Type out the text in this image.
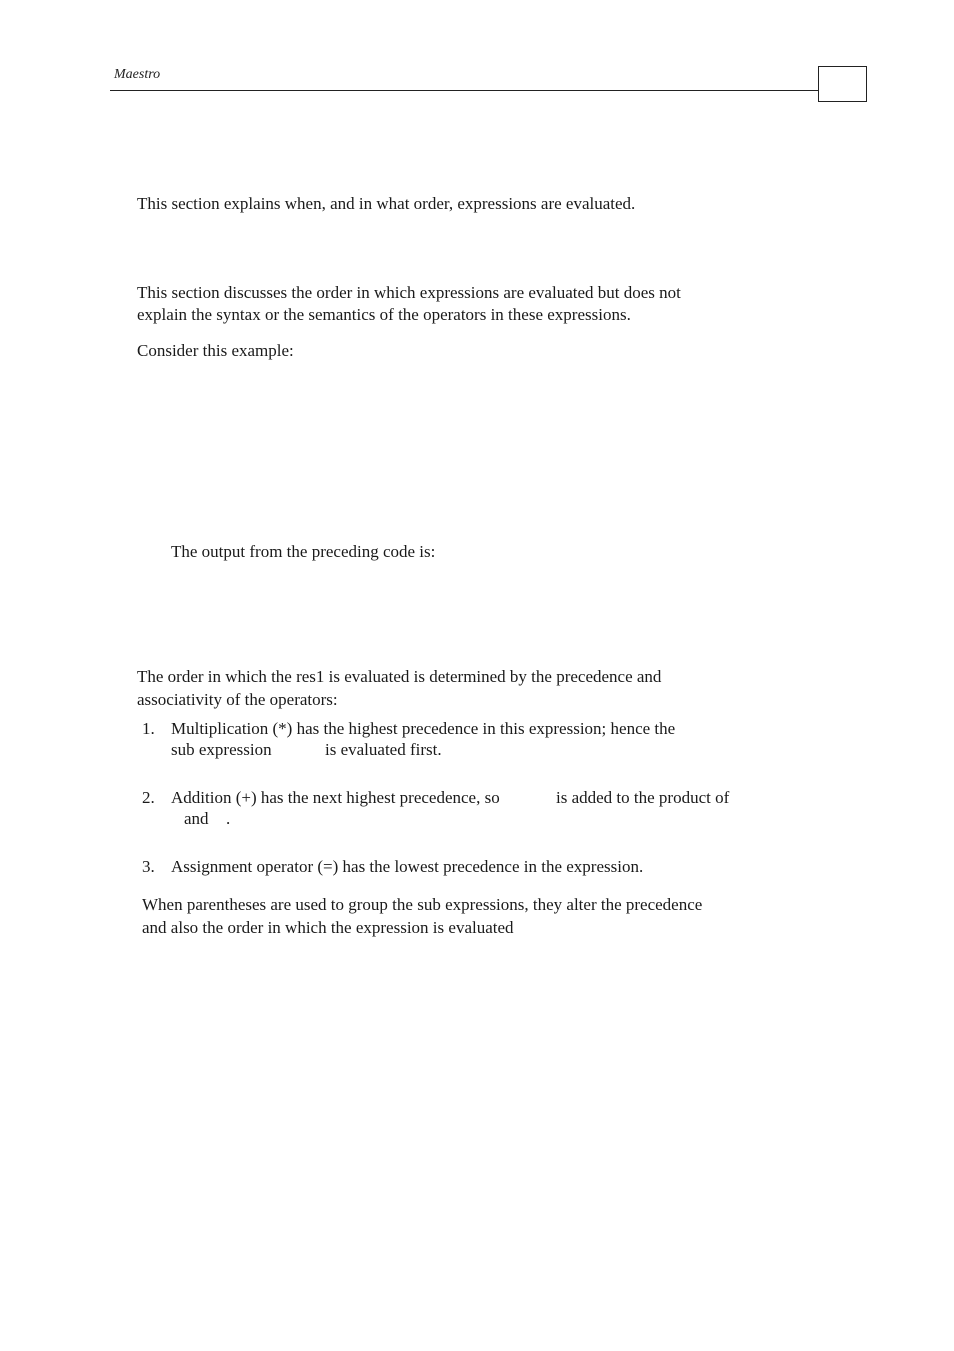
Maestro
This section explains when, and in what order, expressions are evaluated.
This section discusses the order in which expressions are evaluated but does not
explain the syntax or the semantics of the operators in these expressions.
Consider this example:
The output from the preceding code is:
The order in which the res1 is evaluated is determined by the precedence and
associativity of the operators:
1. Multiplication (*) has the highest precedence in this expression; hence the
sub expression	is evaluated first.
2. Addition (+) has the next highest precedence, so	is added to the product of
and .
3. Assignment operator (=) has the lowest precedence in the expression.
When parentheses are used to group the sub expressions, they alter the precedence
and also the order in which the expression is evaluated
